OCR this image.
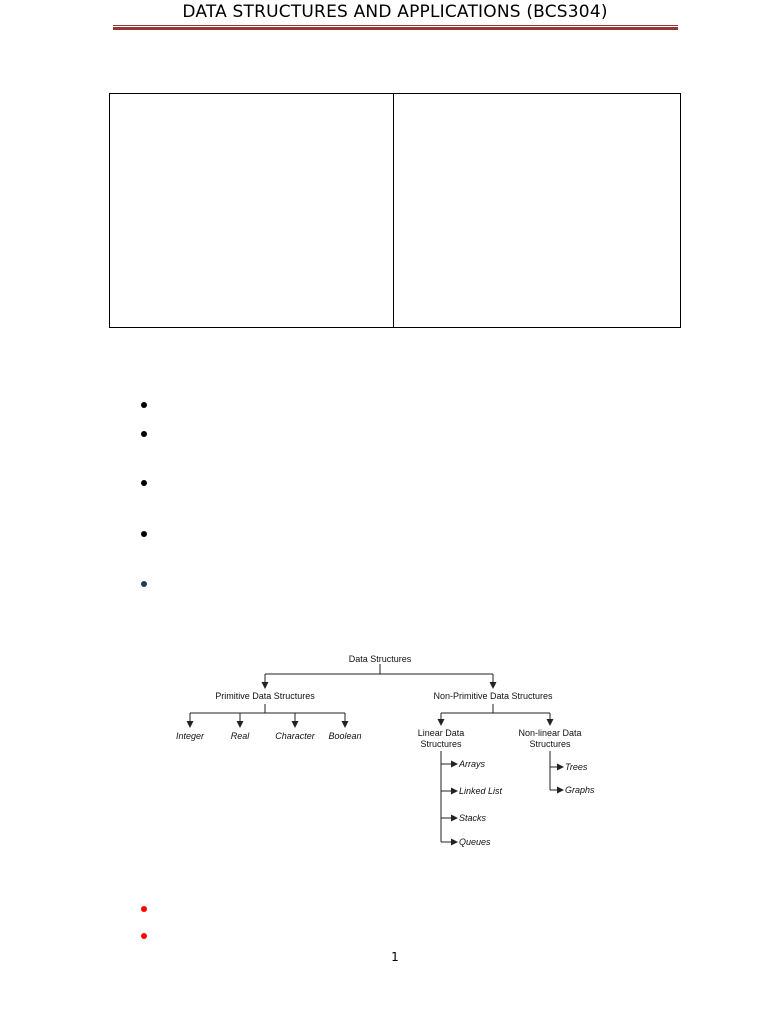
DATA STRUCTURES AND APPLICATIONS (BCS304)
Data Structures
Primitive Data Structures	Non-Primitive Data Structures
Integer	Real	Character Boolean	Linear Data
Structures
Non-linear Data
Structures
Arrays
Linked List
Stacks
Queues
Trees
Graphs
1
